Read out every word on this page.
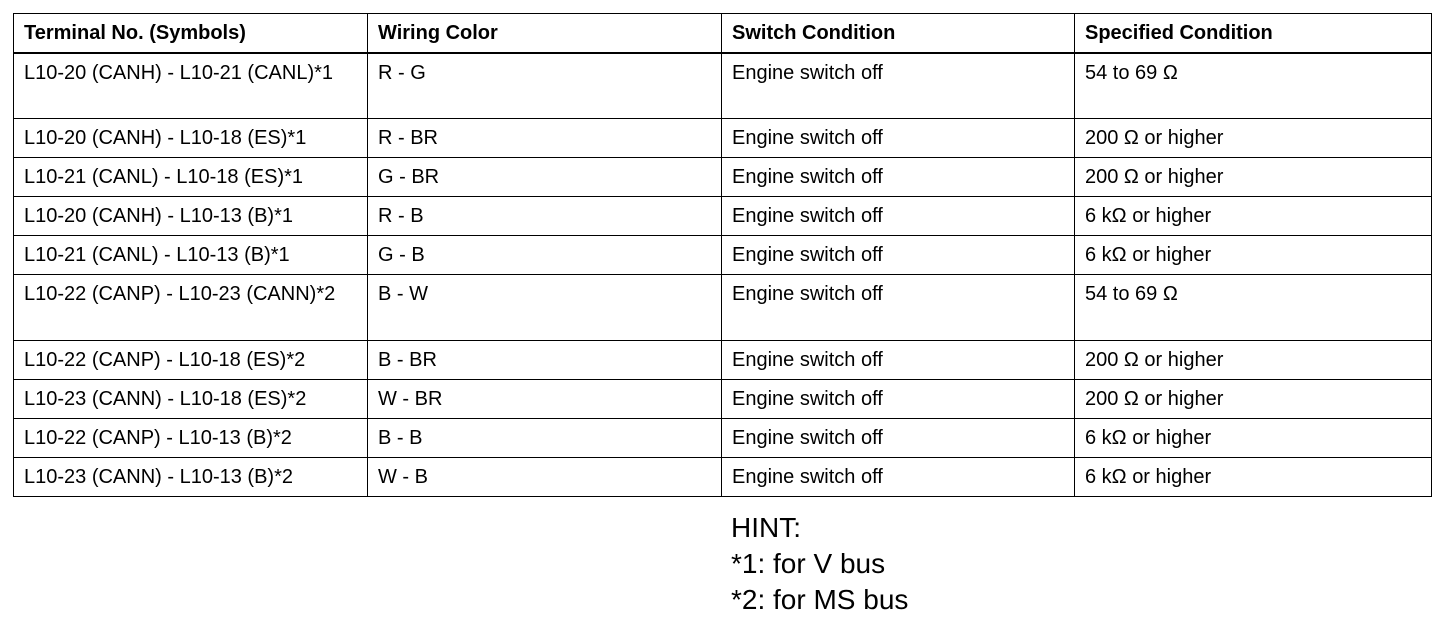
Terminal No. (Symbols)	Wiring Color	Switch Condition	Specified Condition
L10-20 (CANH) - L10-21 (CANL)*1	R - G	Engine switch off	54 to 69 Ω
L10-20 (CANH) - L10-18 (ES)*1	R - BR	Engine switch off	200 Ω or higher
L10-21 (CANL) - L10-18 (ES)*1	G - BR	Engine switch off	200 Ω or higher
L10-20 (CANH) - L10-13 (B)*1	R - B	Engine switch off	6 kΩ or higher
L10-21 (CANL) - L10-13 (B)*1	G - B	Engine switch off	6 kΩ or higher
L10-22 (CANP) - L10-23 (CANN)*2	B - W	Engine switch off	54 to 69 Ω
L10-22 (CANP) - L10-18 (ES)*2	B - BR	Engine switch off	200 Ω or higher
L10-23 (CANN) - L10-18 (ES)*2	W - BR	Engine switch off	200 Ω or higher
L10-22 (CANP) - L10-13 (B)*2	B - B	Engine switch off	6 kΩ or higher
L10-23 (CANN) - L10-13 (B)*2	W - B	Engine switch off	6 kΩ or higher
HINT:
*1: for V bus
*2: for MS bus
